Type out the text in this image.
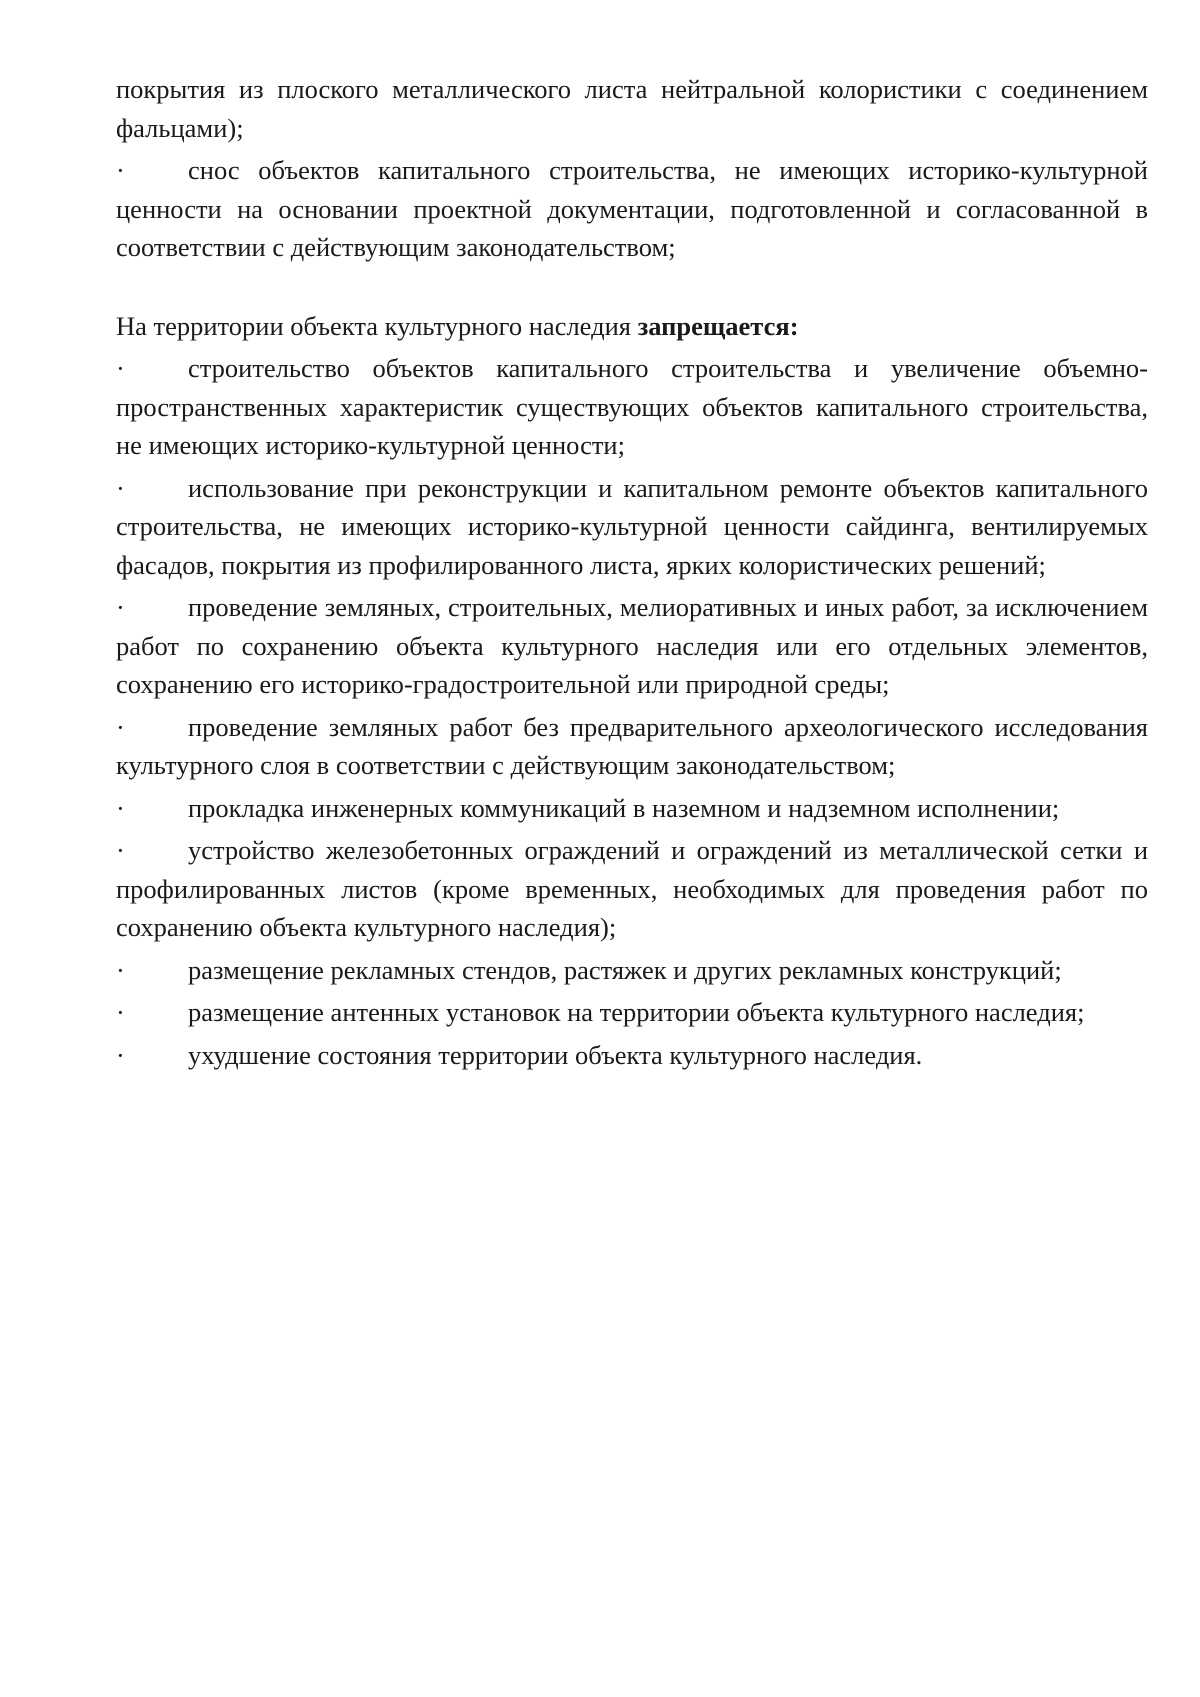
покрытия из плоского металлического листа нейтральной колористики с соединением фальцами);

·	снос объектов капитального строительства, не имеющих историко-культурной ценности на основании проектной документации, подготовленной и согласованной в соответствии с действующим законодательством;

На территории объекта культурного наследия запрещается:

·	строительство объектов капитального строительства и увеличение объемно-пространственных характеристик существующих объектов капитального строительства, не имеющих историко-культурной ценности;

·	использование при реконструкции и капитальном ремонте объектов капитального строительства, не имеющих историко-культурной ценности сайдинга, вентилируемых фасадов, покрытия из профилированного листа, ярких колористических решений;

·	проведение земляных, строительных, мелиоративных и иных работ, за исключением работ по сохранению объекта культурного наследия или его отдельных элементов, сохранению его историко-градостроительной или природной среды;

·	проведение земляных работ без предварительного археологического исследования культурного слоя в соответствии с действующим законодательством;

·	прокладка инженерных коммуникаций в наземном и надземном исполнении;

·	устройство железобетонных ограждений и ограждений из металлической сетки и профилированных листов (кроме временных, необходимых для проведения работ по сохранению объекта культурного наследия);

·	размещение рекламных стендов, растяжек и других рекламных конструкций;

·	размещение антенных установок на территории объекта культурного наследия;

·	ухудшение состояния территории объекта культурного наследия.
